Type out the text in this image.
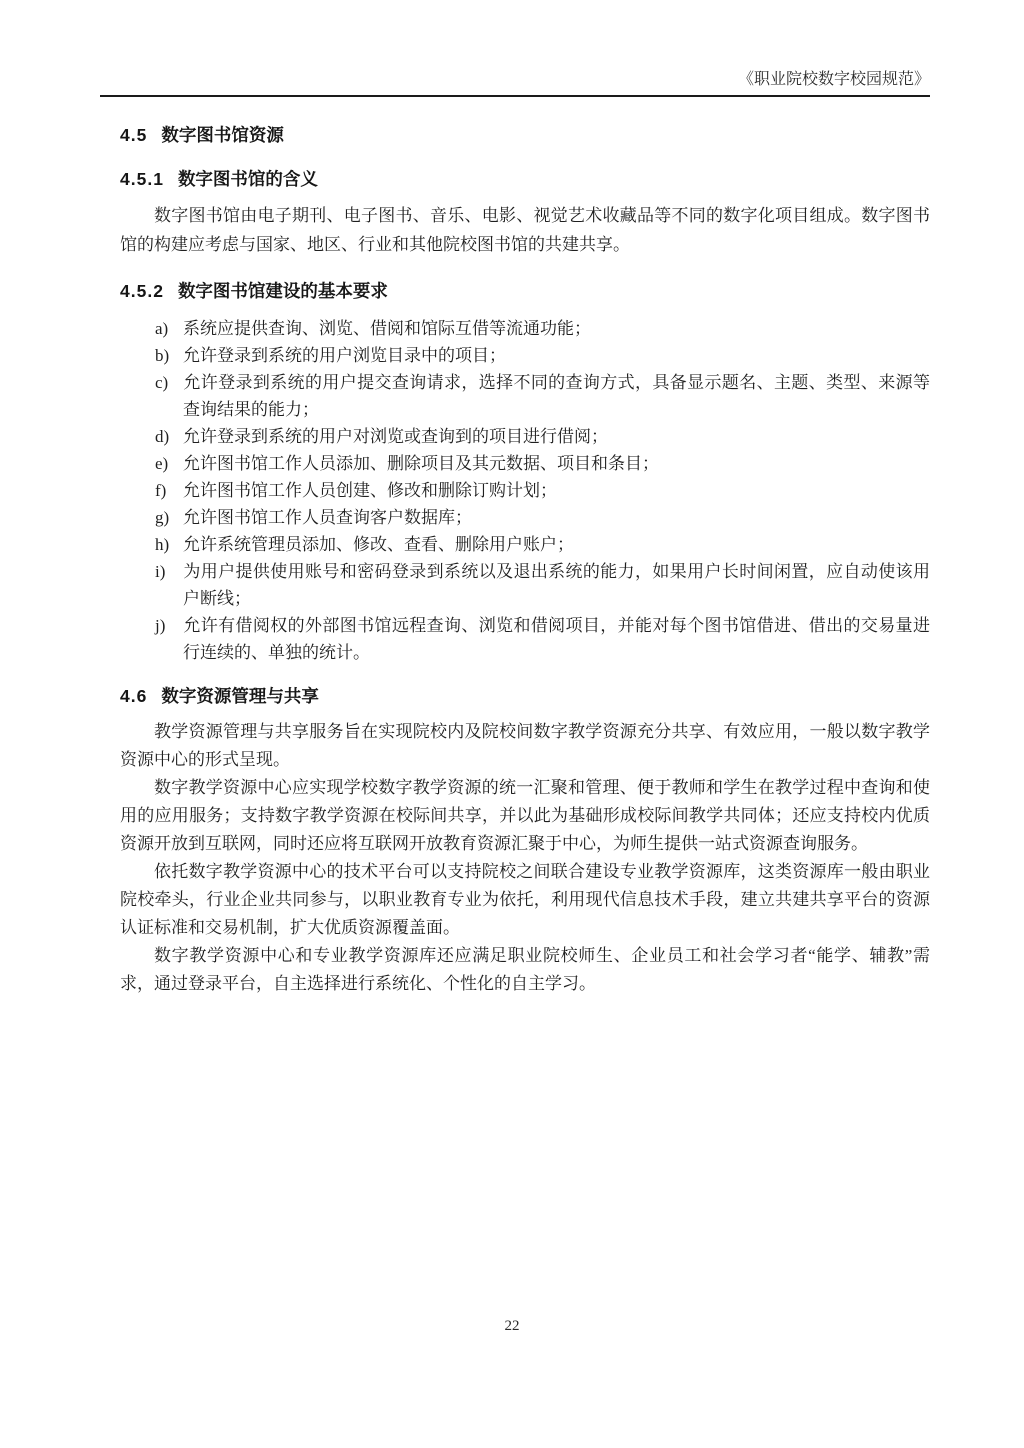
《职业院校数字校园规范》
4.5 数字图书馆资源
4.5.1 数字图书馆的含义
数字图书馆由电子期刊、电子图书、音乐、电影、视觉艺术收藏品等不同的数字化项目组成。数字图书馆的构建应考虑与国家、地区、行业和其他院校图书馆的共建共享。
4.5.2 数字图书馆建设的基本要求
a) 系统应提供查询、浏览、借阅和馆际互借等流通功能；
b) 允许登录到系统的用户浏览目录中的项目；
c) 允许登录到系统的用户提交查询请求，选择不同的查询方式，具备显示题名、主题、类型、来源等查询结果的能力；
d) 允许登录到系统的用户对浏览或查询到的项目进行借阅；
e) 允许图书馆工作人员添加、删除项目及其元数据、项目和条目；
f) 允许图书馆工作人员创建、修改和删除订购计划；
g) 允许图书馆工作人员查询客户数据库；
h) 允许系统管理员添加、修改、查看、删除用户账户；
i) 为用户提供使用账号和密码登录到系统以及退出系统的能力，如果用户长时间闲置，应自动使该用户断线；
j) 允许有借阅权的外部图书馆远程查询、浏览和借阅项目，并能对每个图书馆借进、借出的交易量进行连续的、单独的统计。
4.6 数字资源管理与共享
教学资源管理与共享服务旨在实现院校内及院校间数字教学资源充分共享、有效应用，一般以数字教学资源中心的形式呈现。
数字教学资源中心应实现学校数字教学资源的统一汇聚和管理、便于教师和学生在教学过程中查询和使用的应用服务；支持数字教学资源在校际间共享，并以此为基础形成校际间教学共同体；还应支持校内优质资源开放到互联网，同时还应将互联网开放教育资源汇聚于中心，为师生提供一站式资源查询服务。
依托数字教学资源中心的技术平台可以支持院校之间联合建设专业教学资源库，这类资源库一般由职业院校牵头，行业企业共同参与，以职业教育专业为依托，利用现代信息技术手段，建立共建共享平台的资源认证标准和交易机制，扩大优质资源覆盖面。
数字教学资源中心和专业教学资源库还应满足职业院校师生、企业员工和社会学习者“能学、辅教”需求，通过登录平台，自主选择进行系统化、个性化的自主学习。
22
